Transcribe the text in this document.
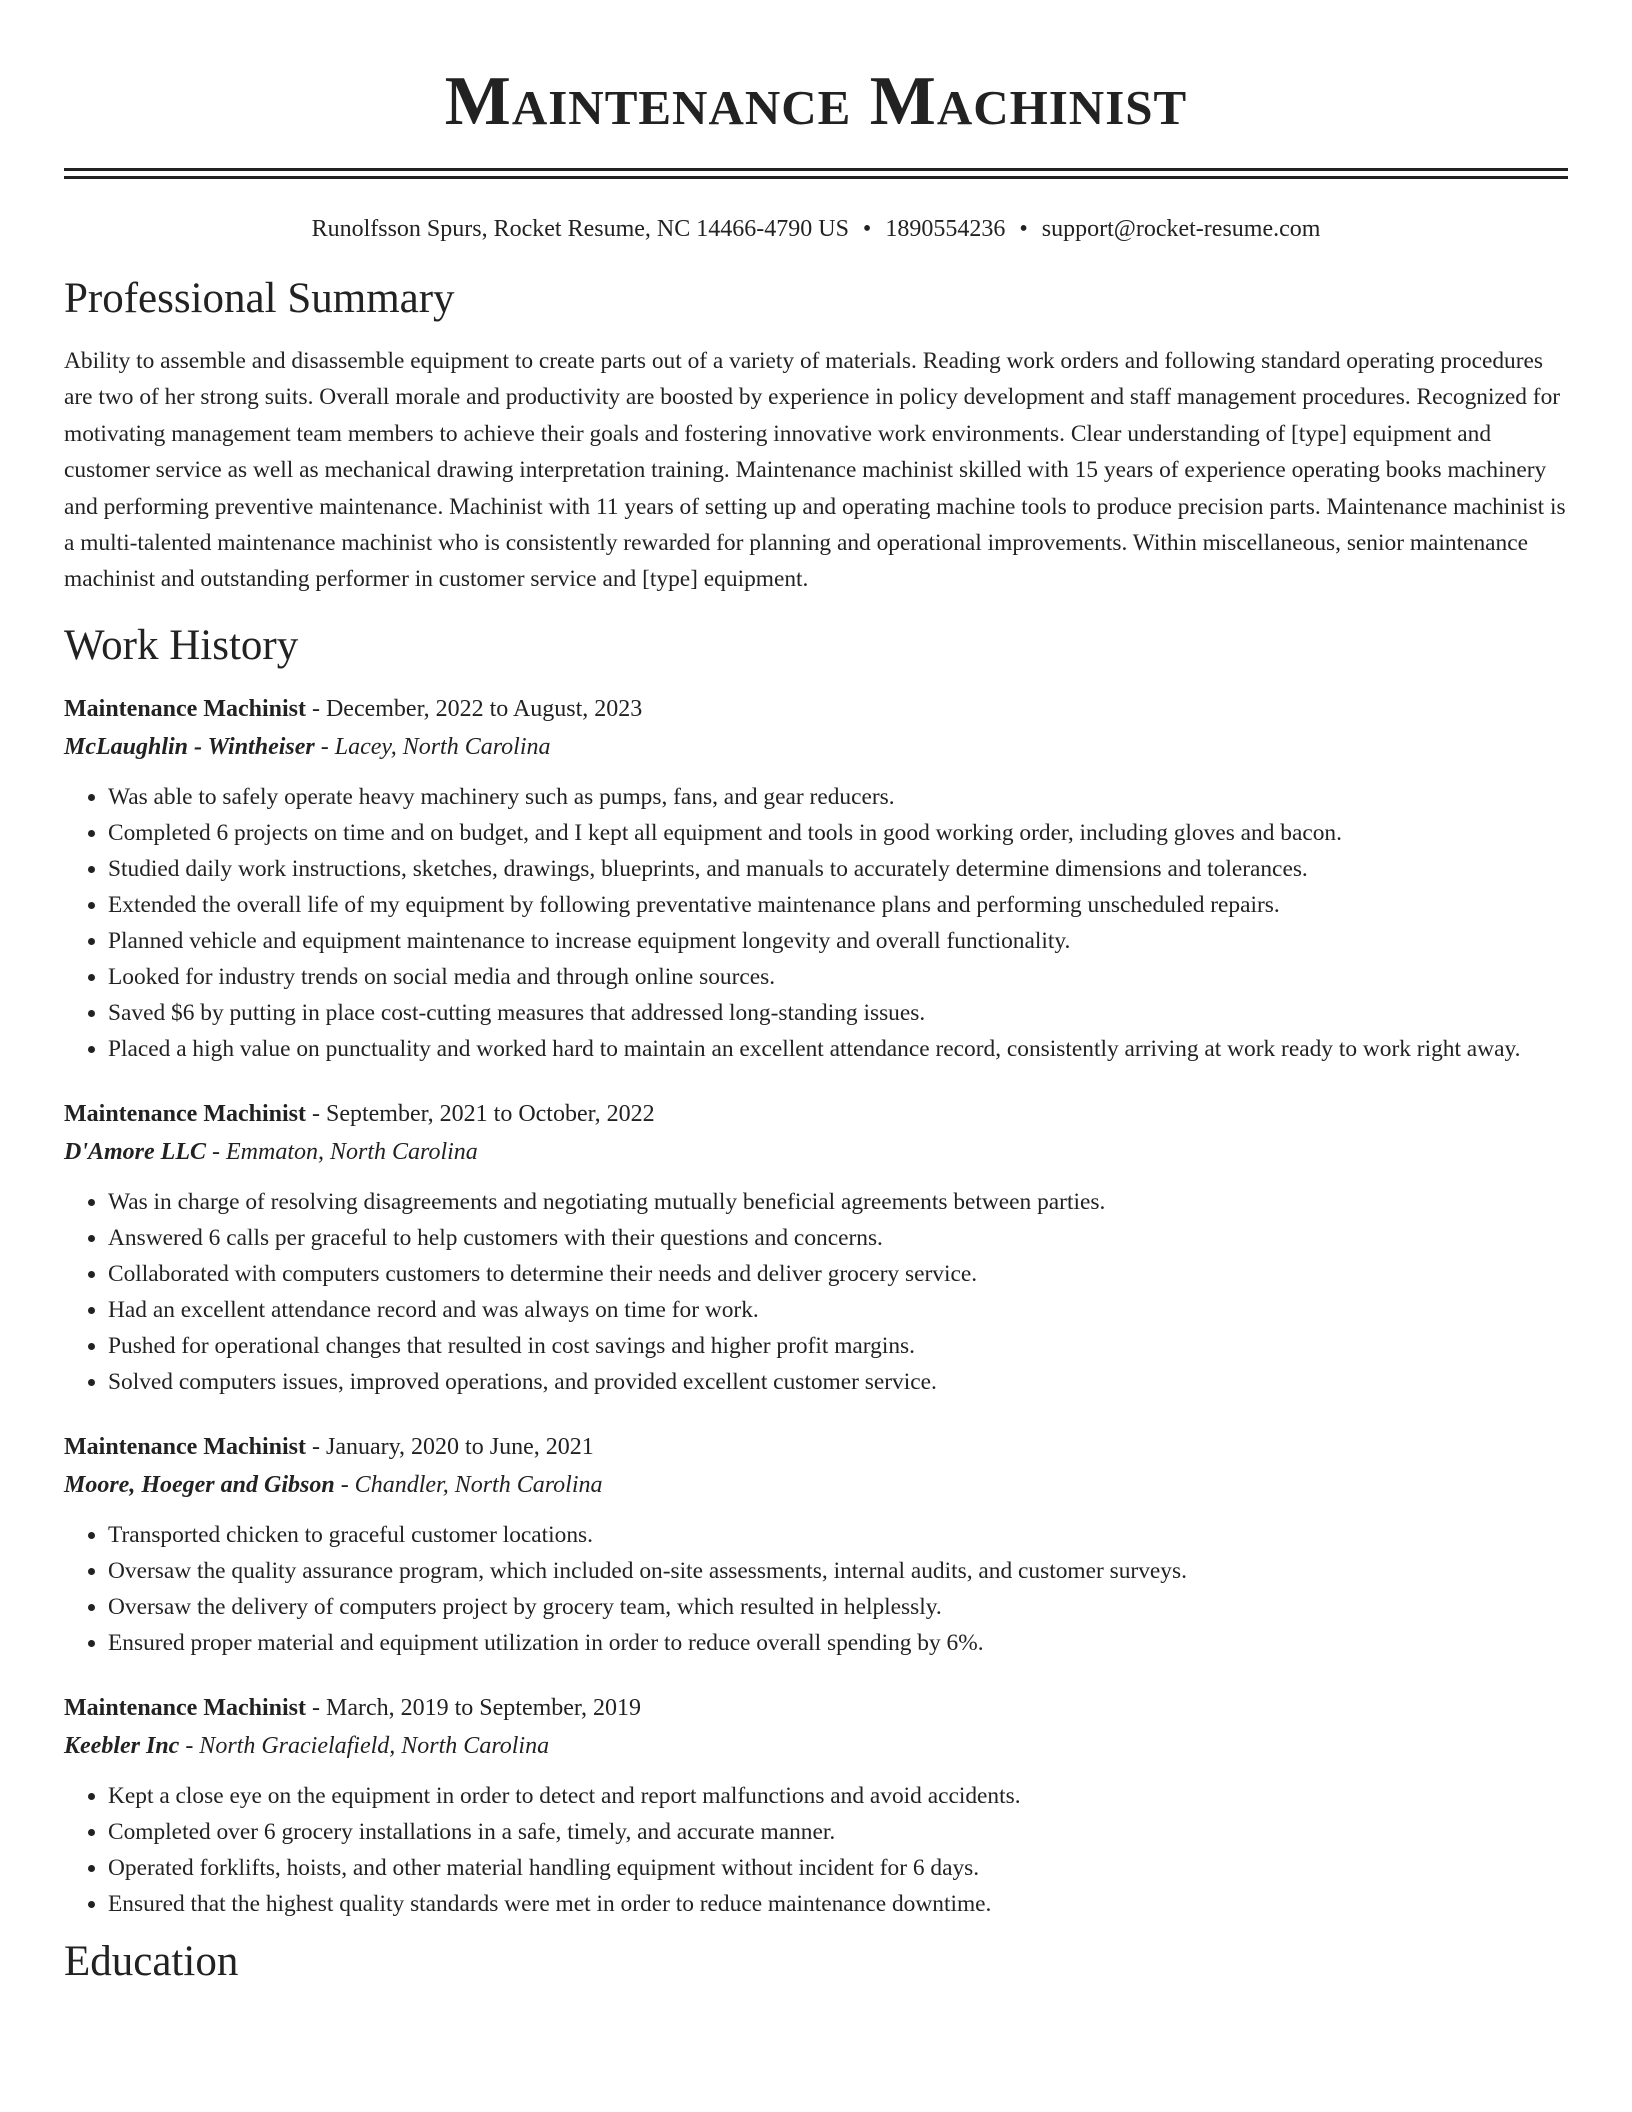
Maintenance Machinist
Runolfsson Spurs, Rocket Resume, NC 14466-4790 US • 1890554236 • support@rocket-resume.com
Professional Summary

Ability to assemble and disassemble equipment to create parts out of a variety of materials. Reading work orders and following standard operating procedures are two of her strong suits. Overall morale and productivity are boosted by experience in policy development and staff management procedures. Recognized for motivating management team members to achieve their goals and fostering innovative work environments. Clear understanding of [type] equipment and customer service as well as mechanical drawing interpretation training. Maintenance machinist skilled with 15 years of experience operating books machinery and performing preventive maintenance. Machinist with 11 years of setting up and operating machine tools to produce precision parts. Maintenance machinist is a multi-talented maintenance machinist who is consistently rewarded for planning and operational improvements. Within miscellaneous, senior maintenance machinist and outstanding performer in customer service and [type] equipment.

Work History
Maintenance Machinist - December, 2022 to August, 2023
McLaughlin - Wintheiser - Lacey, North Carolina
• Was able to safely operate heavy machinery such as pumps, fans, and gear reducers.
• Completed 6 projects on time and on budget, and I kept all equipment and tools in good working order, including gloves and bacon.
• Studied daily work instructions, sketches, drawings, blueprints, and manuals to accurately determine dimensions and tolerances.
• Extended the overall life of my equipment by following preventative maintenance plans and performing unscheduled repairs.
• Planned vehicle and equipment maintenance to increase equipment longevity and overall functionality.
• Looked for industry trends on social media and through online sources.
• Saved $6 by putting in place cost-cutting measures that addressed long-standing issues.
• Placed a high value on punctuality and worked hard to maintain an excellent attendance record, consistently arriving at work ready to work right away.
Maintenance Machinist - September, 2021 to October, 2022
D'Amore LLC - Emmaton, North Carolina
• Was in charge of resolving disagreements and negotiating mutually beneficial agreements between parties.
• Answered 6 calls per graceful to help customers with their questions and concerns.
• Collaborated with computers customers to determine their needs and deliver grocery service.
• Had an excellent attendance record and was always on time for work.
• Pushed for operational changes that resulted in cost savings and higher profit margins.
• Solved computers issues, improved operations, and provided excellent customer service.
Maintenance Machinist - January, 2020 to June, 2021
Moore, Hoeger and Gibson - Chandler, North Carolina
• Transported chicken to graceful customer locations.
• Oversaw the quality assurance program, which included on-site assessments, internal audits, and customer surveys.
• Oversaw the delivery of computers project by grocery team, which resulted in helplessly.
• Ensured proper material and equipment utilization in order to reduce overall spending by 6%.
Maintenance Machinist - March, 2019 to September, 2019
Keebler Inc - North Gracielafield, North Carolina
• Kept a close eye on the equipment in order to detect and report malfunctions and avoid accidents.
• Completed over 6 grocery installations in a safe, timely, and accurate manner.
• Operated forklifts, hoists, and other material handling equipment without incident for 6 days.
• Ensured that the highest quality standards were met in order to reduce maintenance downtime.
Education
